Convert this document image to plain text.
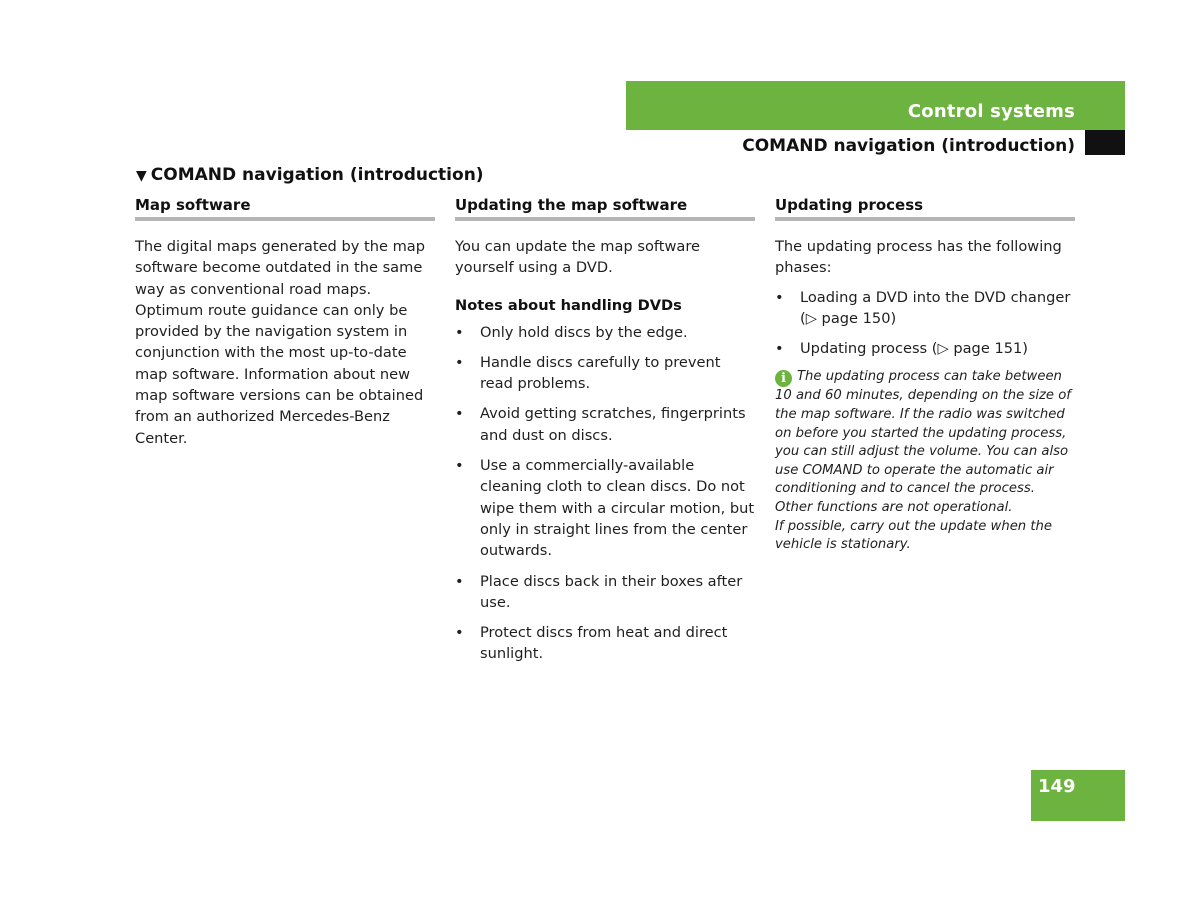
Control systems
COMAND navigation (introduction)
▼ COMAND navigation (introduction)
Map software
The digital maps generated by the map software become outdated in the same way as conventional road maps. Optimum route guidance can only be provided by the navigation system in conjunction with the most up-to-date map software. Information about new map software versions can be obtained from an authorized Mercedes-Benz Center.
Updating the map software
You can update the map software yourself using a DVD.
Notes about handling DVDs
• Only hold discs by the edge.
• Handle discs carefully to prevent read problems.
• Avoid getting scratches, fingerprints and dust on discs.
• Use a commercially-available cleaning cloth to clean discs. Do not wipe them with a circular motion, but only in straight lines from the center outwards.
• Place discs back in their boxes after use.
• Protect discs from heat and direct sunlight.
Updating process
The updating process has the following phases:
• Loading a DVD into the DVD changer (▷ page 150)
• Updating process (▷ page 151)
i The updating process can take between 10 and 60 minutes, depending on the size of the map software. If the radio was switched on before you started the updating process, you can still adjust the volume. You can also use COMAND to operate the automatic air conditioning and to cancel the process. Other functions are not operational.
If possible, carry out the update when the vehicle is stationary.
149
